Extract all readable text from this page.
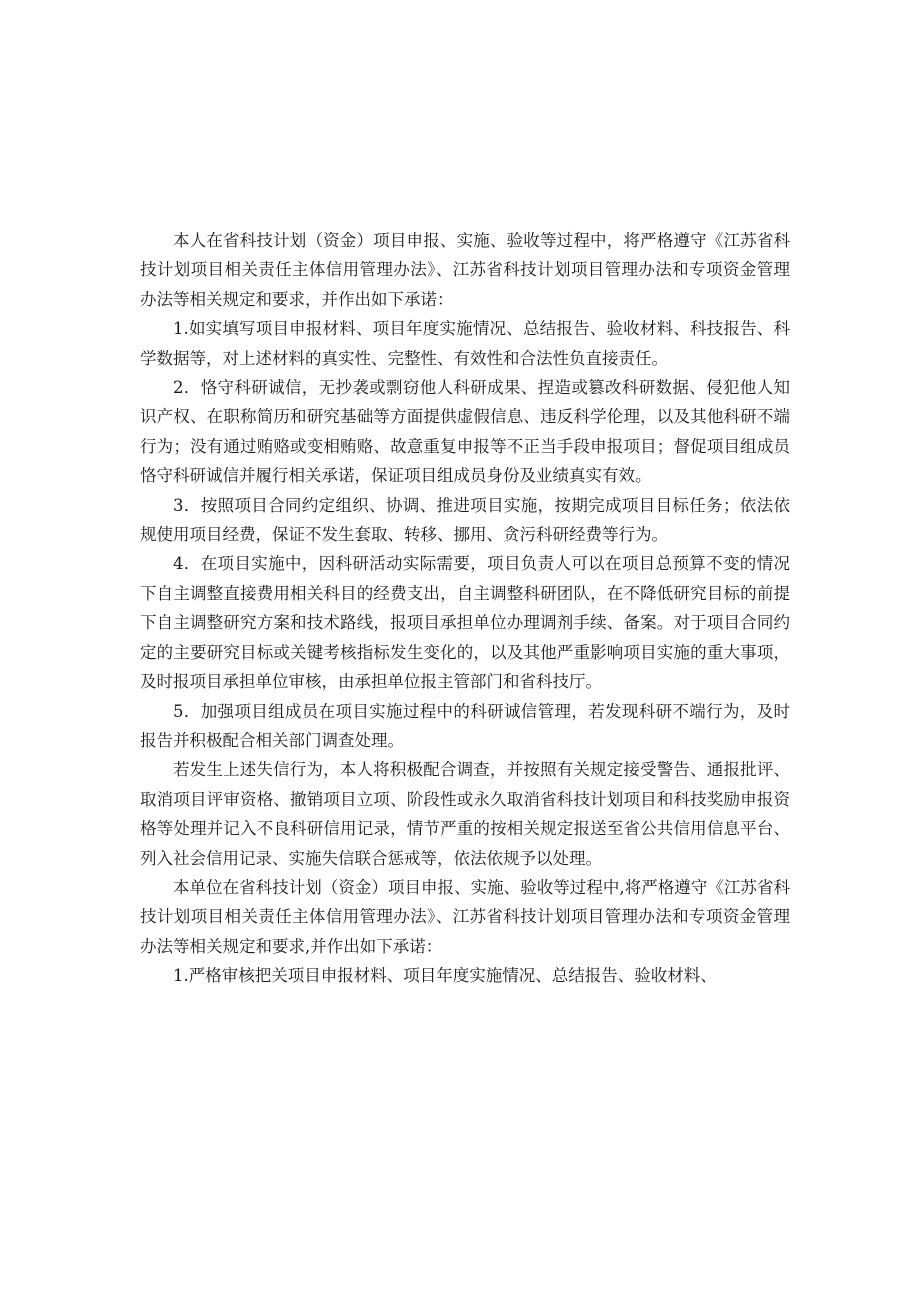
本人在省科技计划（资金）项目申报、实施、验收等过程中，将严格遵守《江苏省科技计划项目相关责任主体信用管理办法》、江苏省科技计划项目管理办法和专项资金管理办法等相关规定和要求，并作出如下承诺：

1.如实填写项目申报材料、项目年度实施情况、总结报告、验收材料、科技报告、科学数据等，对上述材料的真实性、完整性、有效性和合法性负直接责任。

2．恪守科研诚信，无抄袭或剽窃他人科研成果、捏造或篡改科研数据、侵犯他人知识产权、在职称简历和研究基础等方面提供虚假信息、违反科学伦理，以及其他科研不端行为；没有通过贿赂或变相贿赂、故意重复申报等不正当手段申报项目；督促项目组成员恪守科研诚信并履行相关承诺，保证项目组成员身份及业绩真实有效。

3．按照项目合同约定组织、协调、推进项目实施，按期完成项目目标任务；依法依规使用项目经费，保证不发生套取、转移、挪用、贪污科研经费等行为。

4．在项目实施中，因科研活动实际需要，项目负责人可以在项目总预算不变的情况下自主调整直接费用相关科目的经费支出，自主调整科研团队，在不降低研究目标的前提下自主调整研究方案和技术路线，报项目承担单位办理调剂手续、备案。对于项目合同约定的主要研究目标或关键考核指标发生变化的，以及其他严重影响项目实施的重大事项，及时报项目承担单位审核，由承担单位报主管部门和省科技厅。

5．加强项目组成员在项目实施过程中的科研诚信管理，若发现科研不端行为，及时报告并积极配合相关部门调查处理。

若发生上述失信行为，本人将积极配合调查，并按照有关规定接受警告、通报批评、取消项目评审资格、撤销项目立项、阶段性或永久取消省科技计划项目和科技奖励申报资格等处理并记入不良科研信用记录，情节严重的按相关规定报送至省公共信用信息平台、列入社会信用记录、实施失信联合惩戒等，依法依规予以处理。

本单位在省科技计划（资金）项目申报、实施、验收等过程中,将严格遵守《江苏省科技计划项目相关责任主体信用管理办法》、江苏省科技计划项目管理办法和专项资金管理办法等相关规定和要求,并作出如下承诺：

1.严格审核把关项目申报材料、项目年度实施情况、总结报告、验收材料、
